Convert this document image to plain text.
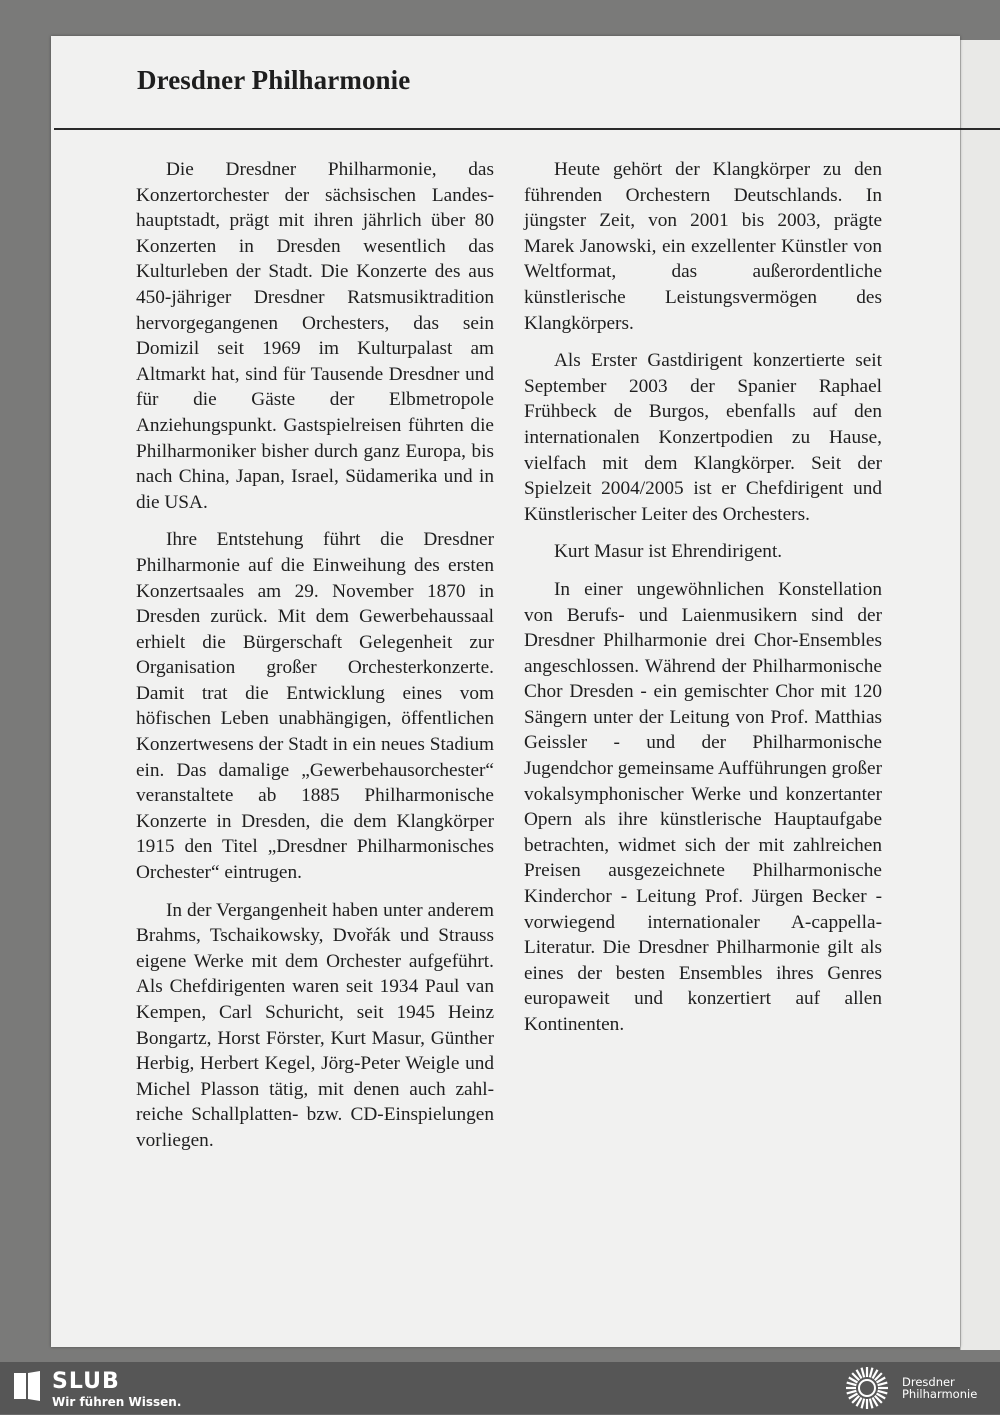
Dresdner Philharmonie

Die Dresdner Philharmonie, das Konzertorchester der sächsischen Landeshauptstadt, prägt mit ihren jährlich über 80 Konzerten in Dresden wesentlich das Kulturleben der Stadt. Die Konzerte des aus 450-jähriger Dresdner Ratsmusiktradition hervorgegangenen Orchesters, das sein Domizil seit 1969 im Kulturpalast am Altmarkt hat, sind für Tausende Dresdner und für die Gäste der Elbmetropole Anziehungspunkt. Gastspielreisen führten die Philharmoniker bisher durch ganz Europa, bis nach China, Japan, Israel, Südamerika und in die USA.

Ihre Entstehung führt die Dresdner Philharmonie auf die Einweihung des ersten Konzertsaales am 29. November 1870 in Dresden zurück. Mit dem Gewerbehaussaal erhielt die Bürgerschaft Gelegenheit zur Organisation großer Orchesterkonzerte. Damit trat die Entwicklung eines vom höfischen Leben unabhängigen, öffentlichen Konzertwesens der Stadt in ein neues Stadium ein. Das damalige „Gewerbehausorchester“ veranstaltete ab 1885 Philharmonische Konzerte in Dresden, die dem Klangkörper 1915 den Titel „Dresdner Philharmonisches Orchester“ eintrugen.

In der Vergangenheit haben unter anderem Brahms, Tschaikowsky, Dvořák und Strauss eigene Werke mit dem Orchester aufgeführt. Als Chefdirigenten waren seit 1934 Paul van Kempen, Carl Schuricht, seit 1945 Heinz Bongartz, Horst Förster, Kurt Masur, Günther Herbig, Herbert Kegel, Jörg-Peter Weigle und Michel Plasson tätig, mit denen auch zahlreiche Schallplatten- bzw. CD-Einspielungen vorliegen.

Heute gehört der Klangkörper zu den führenden Orchestern Deutschlands. In jüngster Zeit, von 2001 bis 2003, prägte Marek Janowski, ein exzellenter Künstler von Weltformat, das außerordentliche künstlerische Leistungsvermögen des Klangkörpers.

Als Erster Gastdirigent konzertierte seit September 2003 der Spanier Raphael Frühbeck de Burgos, ebenfalls auf den internationalen Konzertpodien zu Hause, vielfach mit dem Klangkörper. Seit der Spielzeit 2004/2005 ist er Chefdirigent und Künstlerischer Leiter des Orchesters.

Kurt Masur ist Ehrendirigent.

In einer ungewöhnlichen Konstellation von Berufs- und Laienmusikern sind der Dresdner Philharmonie drei Chor-Ensembles angeschlossen. Während der Philharmonische Chor Dresden - ein gemischter Chor mit 120 Sängern unter der Leitung von Prof. Matthias Geissler - und der Philharmonische Jugendchor gemeinsame Aufführungen großer vokalsymphonischer Werke und konzertanter Opern als ihre künstlerische Hauptaufgabe betrachten, widmet sich der mit zahlreichen Preisen ausgezeichnete Philharmonische Kinderchor - Leitung Prof. Jürgen Becker - vorwiegend internationaler A-cappella-Literatur. Die Dresdner Philharmonie gilt als eines der besten Ensembles ihres Genres europaweit und konzertiert auf allen Kontinenten.

SLUB
Wir führen Wissen.
Dresdner
Philharmonie
